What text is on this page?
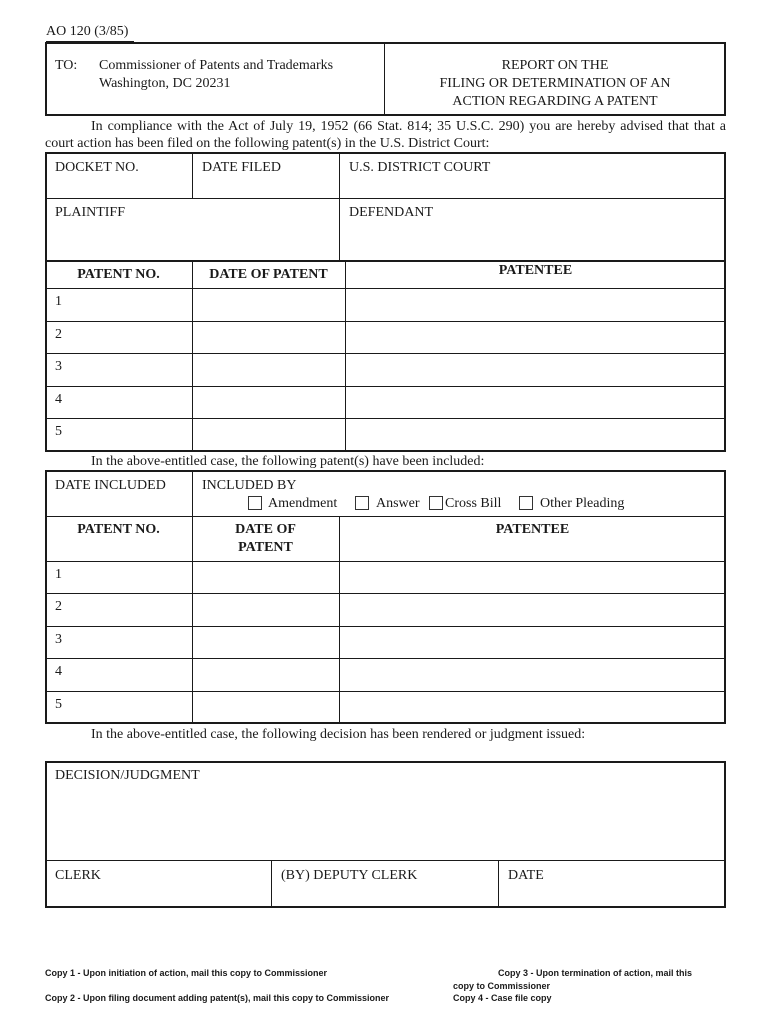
AO 120 (3/85)
TO: Commissioner of Patents and Trademarks
Washington, DC 20231
REPORT ON THE
FILING OR DETERMINATION OF AN
ACTION REGARDING A PATENT
In compliance with the Act of July 19, 1952 (66 Stat. 814; 35 U.S.C. 290) you are hereby advised that that a court action has been filed on the following patent(s) in the U.S. District Court:
DOCKET NO.	DATE FILED	U.S. DISTRICT COURT
PLAINTIFF	DEFENDANT
PATENT NO.	DATE OF PATENT	PATENTEE
1
2
3
4
5
In the above-entitled case, the following patent(s) have been included:
DATE INCLUDED	INCLUDED BY
Amendment	Answer Cross Bill	Other Pleading
PATENT NO.	DATE OF
PATENT
PATENTEE
1
2
3
4
5
In the above-entitled case, the following decision has been rendered or judgment issued:
DECISION/JUDGMENT
CLERK	(BY) DEPUTY CLERK	DATE
Copy 1 - Upon initiation of action, mail this copy to Commissioner
Copy 2 - Upon filing document adding patent(s), mail this copy to Commissioner
Copy 3 - Upon termination of action, mail this
copy to Commissioner
Copy 4 - Case file copy
